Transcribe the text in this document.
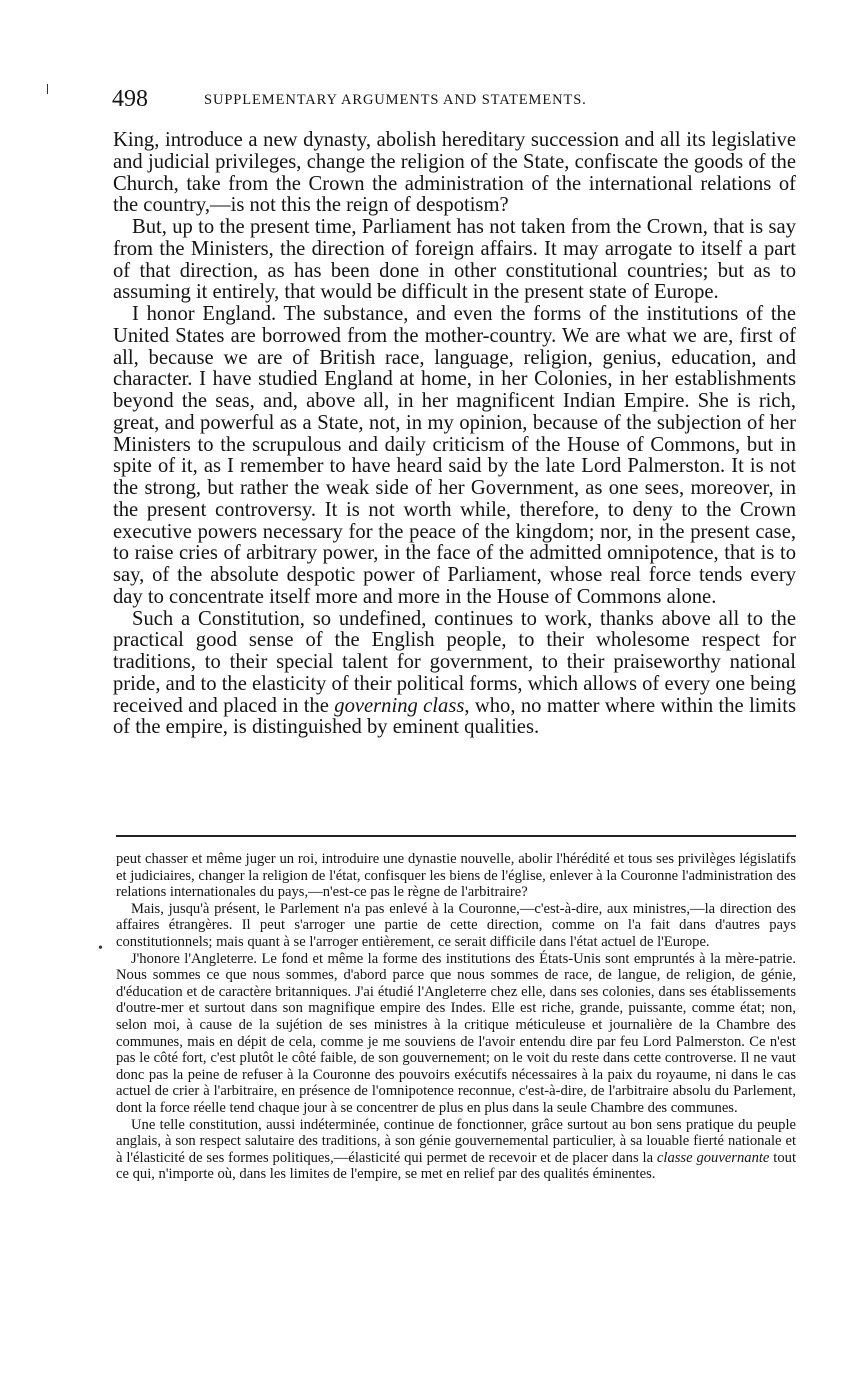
498	SUPPLEMENTARY ARGUMENTS AND STATEMENTS.

King, introduce a new dynasty, abolish hereditary succession and all its legislative and judicial privileges, change the religion of the State, confiscate the goods of the Church, take from the Crown the administration of the international relations of the country,—is not this the reign of despotism?

But, up to the present time, Parliament has not taken from the Crown, that is say from the Ministers, the direction of foreign affairs. It may arrogate to itself a part of that direction, as has been done in other constitutional countries; but as to assuming it entirely, that would be difficult in the present state of Europe.

I honor England. The substance, and even the forms of the institutions of the United States are borrowed from the mother-country. We are what we are, first of all, because we are of British race, language, religion, genius, education, and character. I have studied England at home, in her Colonies, in her establishments beyond the seas, and, above all, in her magnificent Indian Empire. She is rich, great, and powerful as a State, not, in my opinion, because of the subjection of her Ministers to the scrupulous and daily criticism of the House of Commons, but in spite of it, as I remember to have heard said by the late Lord Palmerston. It is not the strong, but rather the weak side of her Government, as one sees, moreover, in the present controversy. It is not worth while, therefore, to deny to the Crown executive powers necessary for the peace of the kingdom; nor, in the present case, to raise cries of arbitrary power, in the face of the admitted omnipotence, that is to say, of the absolute despotic power of Parliament, whose real force tends every day to concentrate itself more and more in the House of Commons alone.

Such a Constitution, so undefined, continues to work, thanks above all to the practical good sense of the English people, to their wholesome respect for traditions, to their special talent for government, to their praiseworthy national pride, and to the elasticity of their political forms, which allows of every one being received and placed in the governing class, who, no matter where within the limits of the empire, is distinguished by eminent qualities.

•

peut chasser et même juger un roi, introduire une dynastie nouvelle, abolir l'hérédité et tous ses privilèges législatifs et judiciaires, changer la religion de l'état, confisquer les biens de l'église, enlever à la Couronne l'administration des relations internationales du pays,—n'est-ce pas le règne de l'arbitraire?

Mais, jusqu'à présent, le Parlement n'a pas enlevé à la Couronne,—c'est-à-dire, aux ministres,—la direction des affaires étrangères. Il peut s'arroger une partie de cette direction, comme on l'a fait dans d'autres pays constitutionnels; mais quant à se l'arroger entièrement, ce serait difficile dans l'état actuel de l'Europe.

J'honore l'Angleterre. Le fond et même la forme des institutions des États-Unis sont empruntés à la mère-patrie. Nous sommes ce que nous sommes, d'abord parce que nous sommes de race, de langue, de religion, de génie, d'éducation et de caractère britanniques. J'ai étudié l'Angleterre chez elle, dans ses colonies, dans ses établissements d'outre-mer et surtout dans son magnifique empire des Indes. Elle est riche, grande, puissante, comme état; non, selon moi, à cause de la sujétion de ses ministres à la critique méticuleuse et journalière de la Chambre des communes, mais en dépit de cela, comme je me souviens de l'avoir entendu dire par feu Lord Palmerston. Ce n'est pas le côté fort, c'est plutôt le côté faible, de son gouvernement; on le voit du reste dans cette controverse. Il ne vaut donc pas la peine de refuser à la Couronne des pouvoirs exécutifs nécessaires à la paix du royaume, ni dans le cas actuel de crier à l'arbitraire, en présence de l'omnipotence reconnue, c'est-à-dire, de l'arbitraire absolu du Parlement, dont la force réelle tend chaque jour à se concentrer de plus en plus dans la seule Chambre des communes.

Une telle constitution, aussi indéterminée, continue de fonctionner, grâce surtout au bon sens pratique du peuple anglais, à son respect salutaire des traditions, à son génie gouvernemental particulier, à sa louable fierté nationale et à l'élasticité de ses formes politiques,—élasticité qui permet de recevoir et de placer dans la classe gouvernante tout ce qui, n'importe où, dans les limites de l'empire, se met en relief par des qualités éminentes.
